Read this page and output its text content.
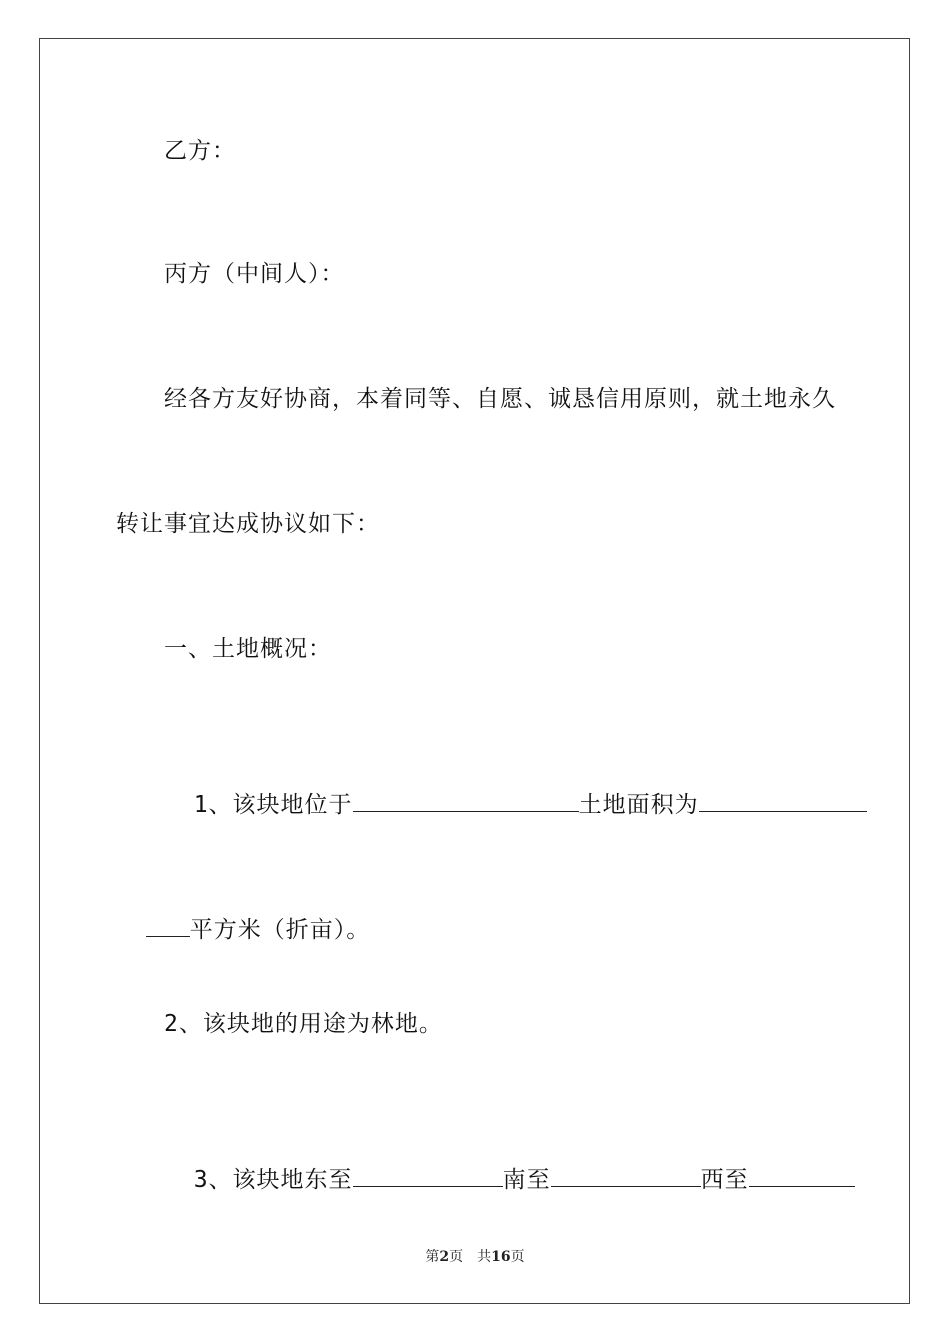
乙方：
丙方（中间人）：
经各方友好协商，本着同等、自愿、诚恳信用原则，就土地永久
转让事宜达成协议如下：
一、土地概况：

1、该块地位于	土地面积为

平方米（折亩）。

2、该块地的用途为林地。

3、该块地东至	南至	西至

第2页　共16页
